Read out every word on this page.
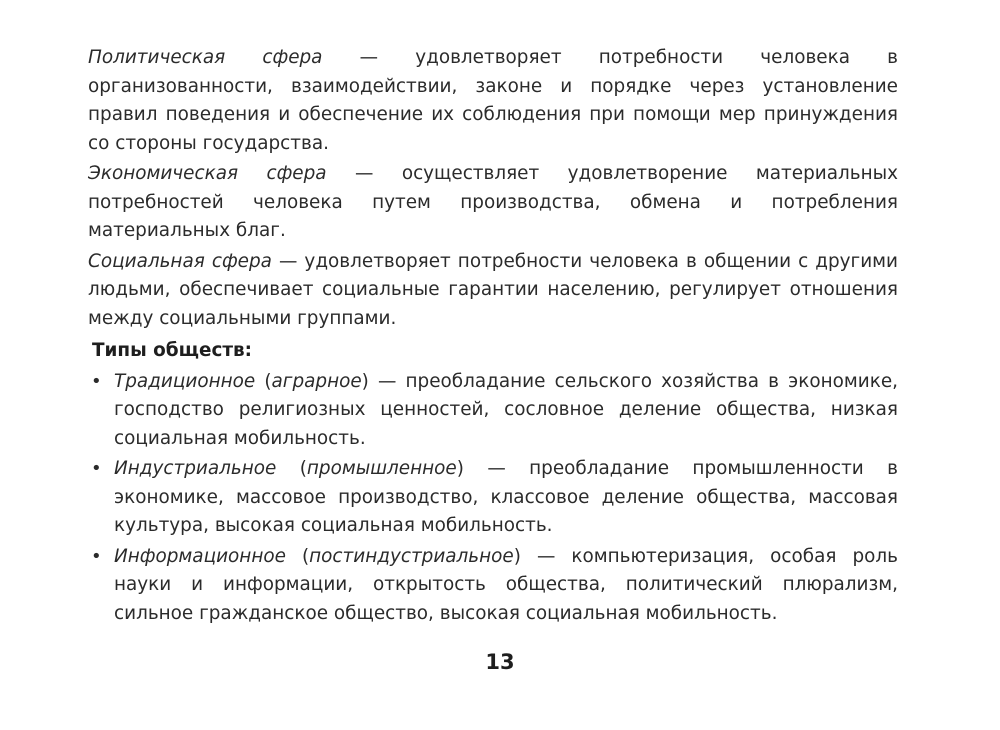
Политическая сфера — удовлетворяет потребности человека в организованности, взаимодействии, законе и порядке через установление правил поведения и обеспечение их соблюдения при помощи мер принуждения со стороны государства.

Экономическая сфера — осуществляет удовлетворение материальных потребностей человека путем производства, обмена и потребления материальных благ.

Социальная сфера — удовлетворяет потребности человека в общении с другими людьми, обеспечивает социальные гарантии населению, регулирует отношения между социальными группами.

Типы обществ:
• Традиционное (аграрное) — преобладание сельского хозяйства в экономике, господство религиозных ценностей, сословное деление общества, низкая социальная мобильность.
• Индустриальное (промышленное) — преобладание промышленности в экономике, массовое производство, классовое деление общества, массовая культура, высокая социальная мобильность.
• Информационное (постиндустриальное) — компьютеризация, особая роль науки и информации, открытость общества, политический плюрализм, сильное гражданское общество, высокая социальная мобильность.
13
